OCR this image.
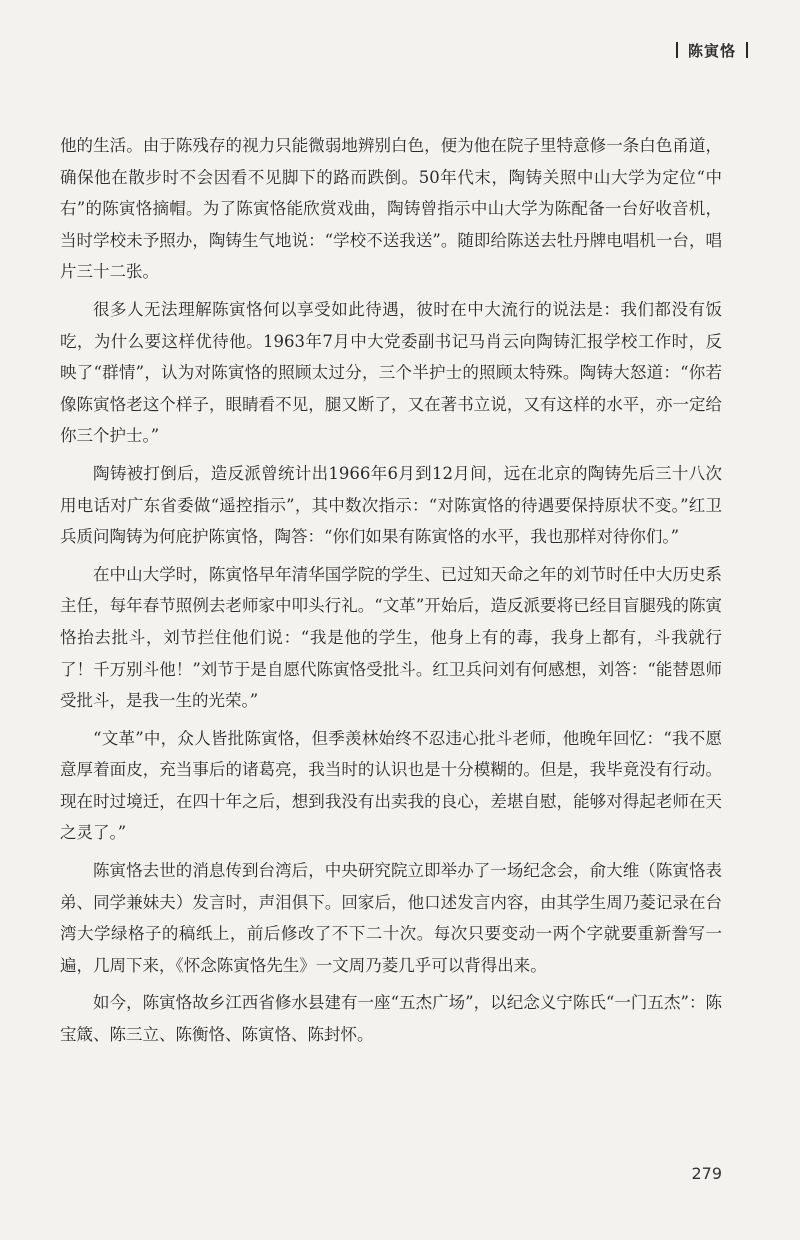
陈寅恪

他的生活。由于陈残存的视力只能微弱地辨别白色，便为他在院子里特意修一条白色甬道，确保他在散步时不会因看不见脚下的路而跌倒。50年代末，陶铸关照中山大学为定位“中右”的陈寅恪摘帽。为了陈寅恪能欣赏戏曲，陶铸曾指示中山大学为陈配备一台好收音机，当时学校未予照办，陶铸生气地说：“学校不送我送”。随即给陈送去牡丹牌电唱机一台，唱片三十二张。

很多人无法理解陈寅恪何以享受如此待遇，彼时在中大流行的说法是：我们都没有饭吃，为什么要这样优待他。1963年7月中大党委副书记马肖云向陶铸汇报学校工作时，反映了“群情”，认为对陈寅恪的照顾太过分，三个半护士的照顾太特殊。陶铸大怒道：“你若像陈寅恪老这个样子，眼睛看不见，腿又断了，又在著书立说，又有这样的水平，亦一定给你三个护士。”

陶铸被打倒后，造反派曾统计出1966年6月到12月间，远在北京的陶铸先后三十八次用电话对广东省委做“遥控指示”，其中数次指示：“对陈寅恪的待遇要保持原状不变。”红卫兵质问陶铸为何庇护陈寅恪，陶答：“你们如果有陈寅恪的水平，我也那样对待你们。”

在中山大学时，陈寅恪早年清华国学院的学生、已过知天命之年的刘节时任中大历史系主任，每年春节照例去老师家中叩头行礼。“文革”开始后，造反派要将已经目盲腿残的陈寅恪抬去批斗，刘节拦住他们说：“我是他的学生，他身上有的毒，我身上都有，斗我就行了！千万别斗他！”刘节于是自愿代陈寅恪受批斗。红卫兵问刘有何感想，刘答：“能替恩师受批斗，是我一生的光荣。”

“文革”中，众人皆批陈寅恪，但季羡林始终不忍违心批斗老师，他晚年回忆：“我不愿意厚着面皮，充当事后的诸葛亮，我当时的认识也是十分模糊的。但是，我毕竟没有行动。现在时过境迁，在四十年之后，想到我没有出卖我的良心，差堪自慰，能够对得起老师在天之灵了。”

陈寅恪去世的消息传到台湾后，中央研究院立即举办了一场纪念会，俞大维（陈寅恪表弟、同学兼妹夫）发言时，声泪俱下。回家后，他口述发言内容，由其学生周乃菱记录在台湾大学绿格子的稿纸上，前后修改了不下二十次。每次只要变动一两个字就要重新誊写一遍，几周下来，《怀念陈寅恪先生》一文周乃菱几乎可以背得出来。

如今，陈寅恪故乡江西省修水县建有一座“五杰广场”，以纪念义宁陈氏“一门五杰”：陈宝箴、陈三立、陈衡恪、陈寅恪、陈封怀。

279
